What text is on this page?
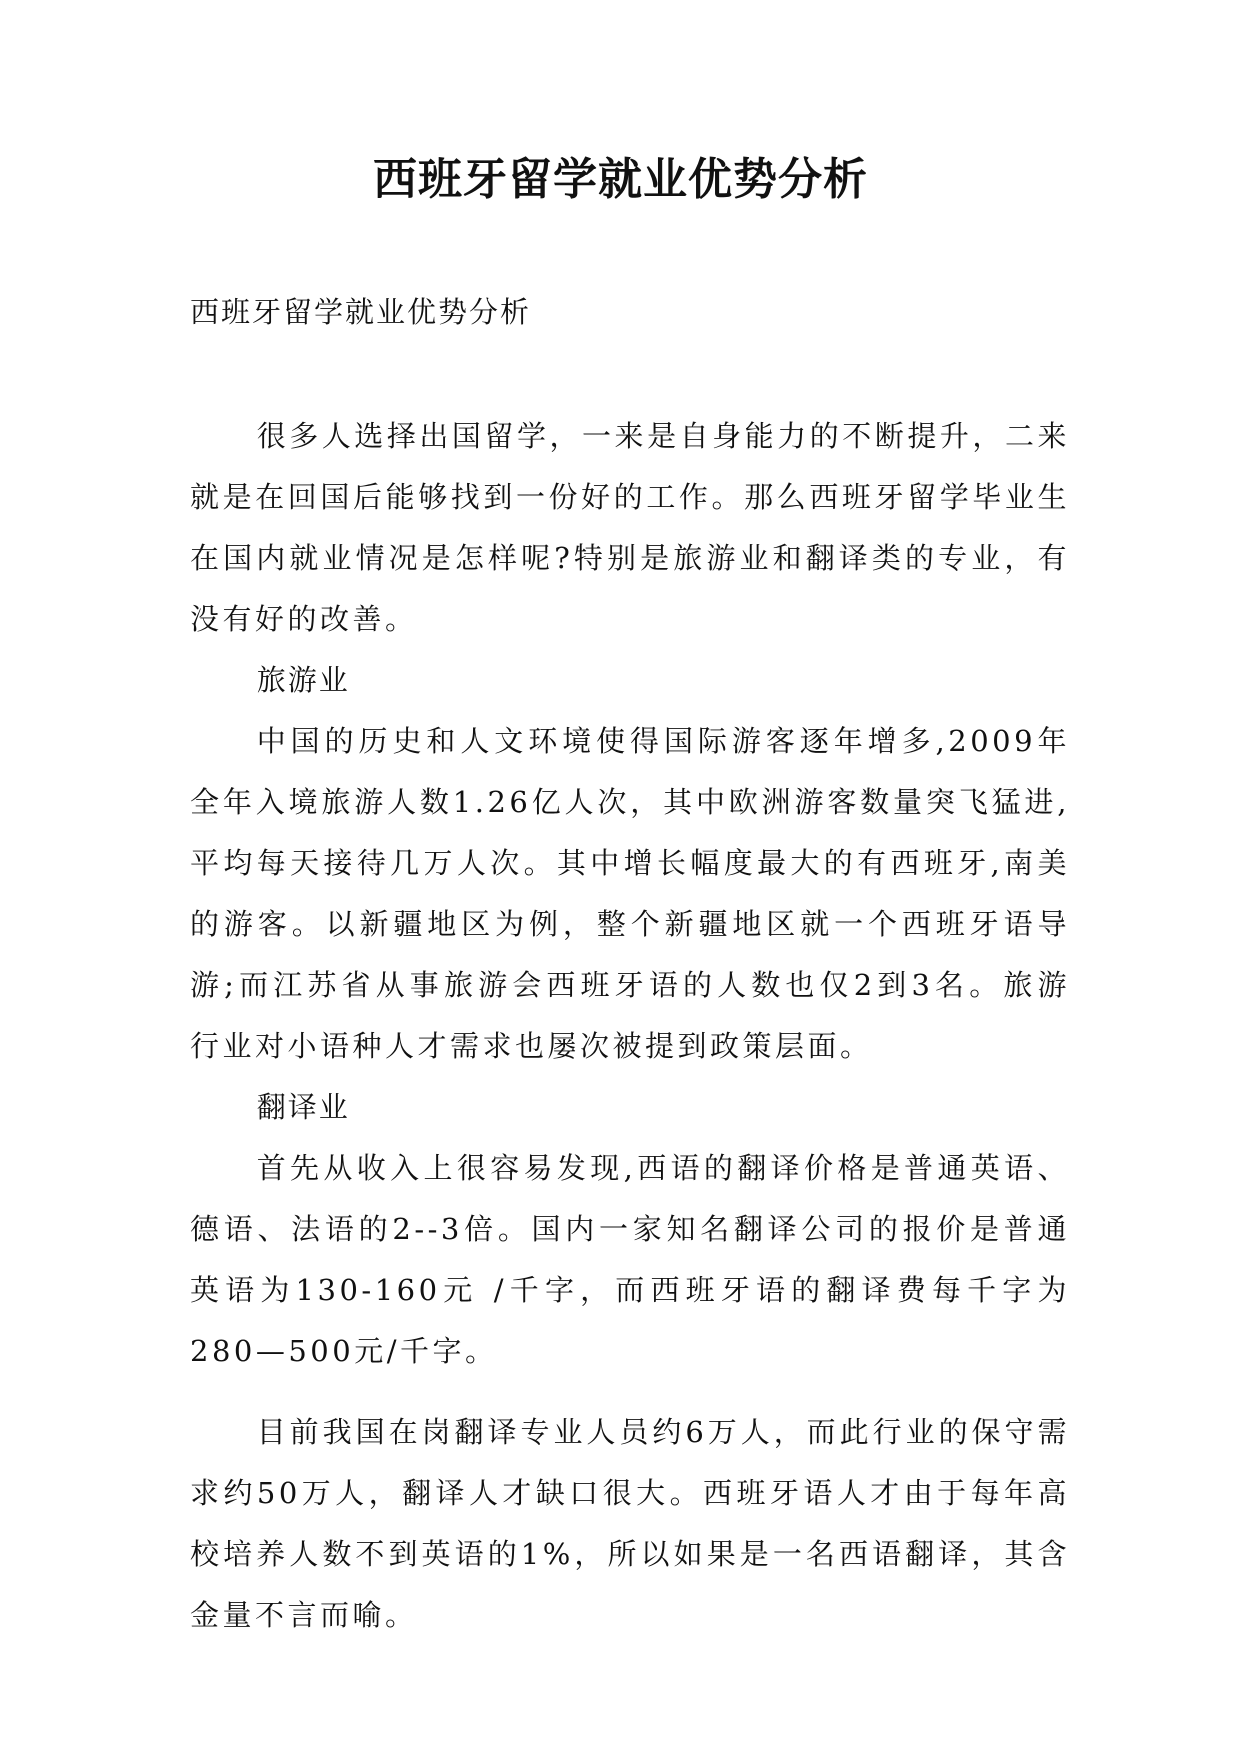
西班牙留学就业优势分析

西班牙留学就业优势分析

很多人选择出国留学，一来是自身能力的不断提升，二来就是在回国后能够找到一份好的工作。那么西班牙留学毕业生在国内就业情况是怎样呢?特别是旅游业和翻译类的专业，有没有好的改善。

旅游业

中国的历史和人文环境使得国际游客逐年增多,2009年全年入境旅游人数1.26亿人次，其中欧洲游客数量突飞猛进,平均每天接待几万人次。其中增长幅度最大的有西班牙,南美的游客。以新疆地区为例，整个新疆地区就一个西班牙语导游;而江苏省从事旅游会西班牙语的人数也仅2到3名。旅游 行业对小语种人才需求也屡次被提到政策层面。

翻译业

首先从收入上很容易发现,西语的翻译价格是普通英语、德语、法语的2--3倍。国内一家知名翻译公司的报价是普通英语为130-160元 /千字，而西班牙语的翻译费每千字为280—500元/千字。

目前我国在岗翻译专业人员约6万人，而此行业的保守需求约50万人，翻译人才缺口很大。西班牙语人才由于每年高校培养人数不到英语的1%，所以如果是一名西语翻译，其含金量不言而喻。
